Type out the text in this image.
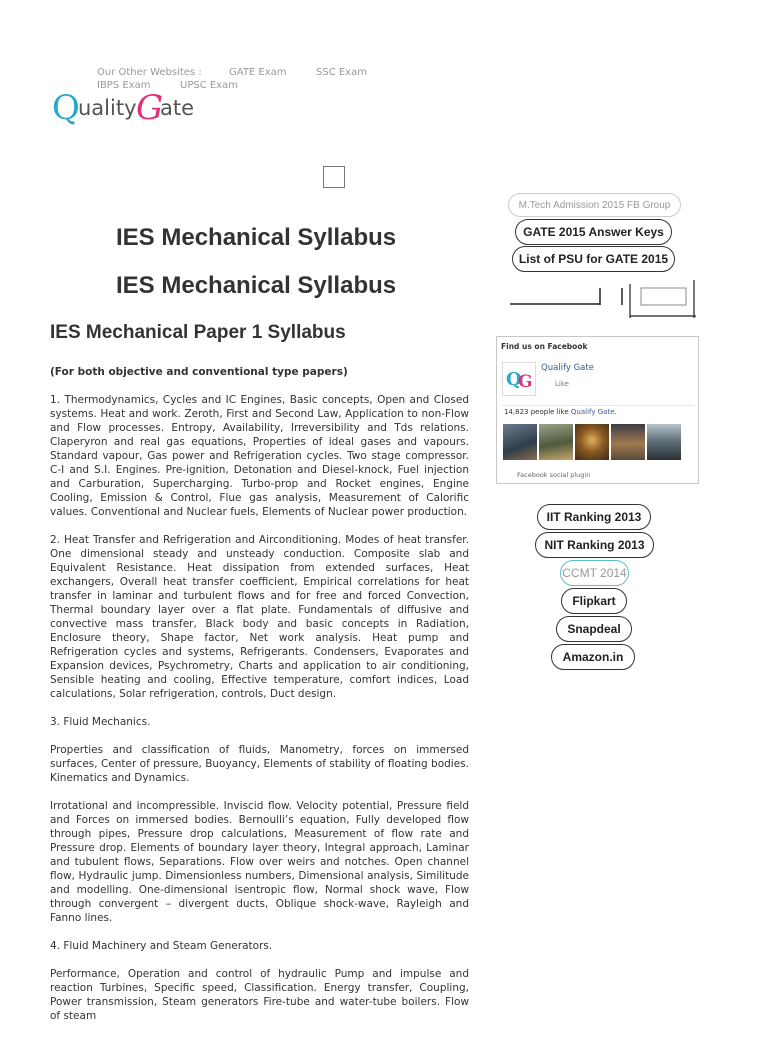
Our Other Websites :	GATE Exam	SSC Exam
IBPS Exam	UPSC Exam
Q
uality G
ate
IES Mechanical Syllabus
IES Mechanical Syllabus
IES Mechanical Paper 1 Syllabus

(For both objective and conventional type papers)

1. Thermodynamics, Cycles and IC Engines, Basic concepts, Open and Closed systems. Heat and work. Zeroth, First and Second Law, Application to non-Flow and Flow processes. Entropy, Availability, Irreversibility and Tds relations. Claperyron and real gas equations, Properties of ideal gases and vapours. Standard vapour, Gas power and Refrigeration cycles. Two stage compressor. C-I and S.I. Engines. Pre-ignition, Detonation and Diesel-knock, Fuel injection and Carburation, Supercharging. Turbo-prop and Rocket engines, Engine Cooling, Emission & Control, Flue gas analysis, Measurement of Calorific values. Conventional and Nuclear fuels, Elements of Nuclear power production.

2. Heat Transfer and Refrigeration and Airconditioning. Modes of heat transfer. One dimensional steady and unsteady conduction. Composite slab and Equivalent Resistance. Heat dissipation from extended surfaces, Heat exchangers, Overall heat transfer coefficient, Empirical correlations for heat transfer in laminar and turbulent flows and for free and forced Convection, Thermal boundary layer over a flat plate. Fundamentals of diffusive and convective mass transfer, Black body and basic concepts in Radiation, Enclosure theory, Shape factor, Net work analysis. Heat pump and Refrigeration cycles and systems, Refrigerants. Condensers, Evaporates and Expansion devices, Psychrometry, Charts and application to air conditioning, Sensible heating and cooling, Effective temperature, comfort indices, Load calculations, Solar refrigeration, controls, Duct design.

3. Fluid Mechanics.

Properties and classification of fluids, Manometry, forces on immersed surfaces, Center of pressure, Buoyancy, Elements of stability of floating bodies. Kinematics and Dynamics.

Irrotational and incompressible. Inviscid flow. Velocity potential, Pressure field and Forces on immersed bodies. Bernoulli’s equation, Fully developed flow through pipes, Pressure drop calculations, Measurement of flow rate and Pressure drop. Elements of boundary layer theory, Integral approach, Laminar and tubulent flows, Separations. Flow over weirs and notches. Open channel flow, Hydraulic jump. Dimensionless numbers, Dimensional analysis, Similitude and modelling. One-dimensional isentropic flow, Normal shock wave, Flow through convergent – divergent ducts, Oblique shock-wave, Rayleigh and Fanno lines.

4. Fluid Machinery and Steam Generators.

Performance, Operation and control of hydraulic Pump and impulse and reaction Turbines, Specific speed, Classification. Energy transfer, Coupling, Power transmission, Steam generators Fire-tube and water-tube boilers. Flow of steam

M.Tech Admission 2015 FB Group
GATE 2015 Answer Keys
List of PSU for GATE 2015
Find us on Facebook
Q
G
Qualify Gate
Like
14,823 people like Qualify Gate.
Facebook social plugin
IIT Ranking 2013
NIT Ranking 2013
CCMT 2014
Flipkart
Snapdeal
Amazon.in
